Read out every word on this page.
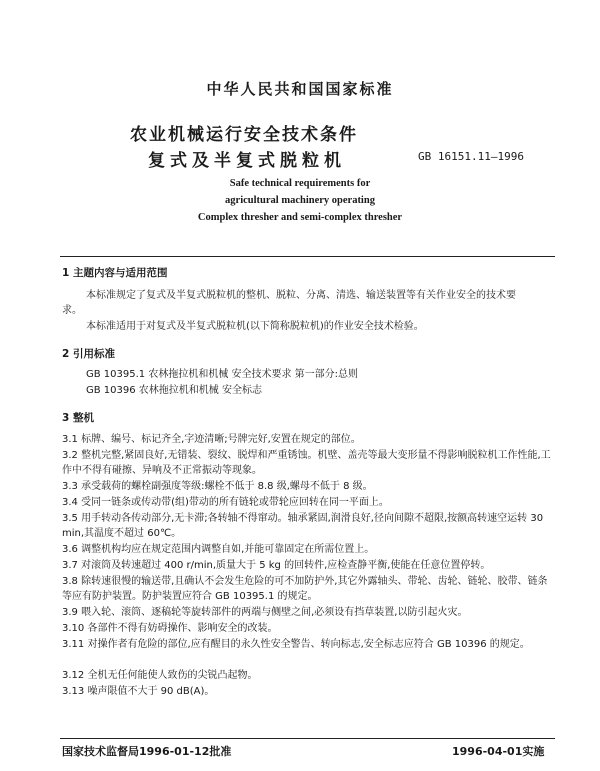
中华人民共和国国家标准
农业机械运行安全技术条件
复式及半复式脱粒机	GB 16151.11—1996
Safe technical requirements for
agricultural machinery operating
Complex thresher and semi-complex thresher
1 主题内容与适用范围
本标准规定了复式及半复式脱粒机的整机、脱粒、分离、清选、输送装置等有关作业安全的技术要
求。
本标准适用于对复式及半复式脱粒机(以下简称脱粒机)的作业安全技术检验。
2 引用标准
GB 10395.1 农林拖拉机和机械 安全技术要求 第一部分:总则
GB 10396 农林拖拉机和机械 安全标志
3 整机
3.1 标牌、编号、标记齐全,字迹清晰;号牌完好,安置在规定的部位。
3.2 整机完整,紧固良好,无错装、裂纹、脱焊和严重锈蚀。机壁、盖壳等最大变形量不得影响脱粒机工作性能,工作中不得有碰擦、异响及不正常振动等现象。
3.3 承受载荷的螺栓副强度等级:螺栓不低于 8.8 级,螺母不低于 8 级。
3.4 受同一链条或传动带(组)带动的所有链轮或带轮应回转在同一平面上。
3.5 用手转动各传动部分,无卡滞;各转轴不得窜动。轴承紧固,润滑良好,径向间隙不超限,按额高转速空运转 30 min,其温度不超过 60℃。
3.6 调整机构均应在规定范围内调整自如,并能可靠固定在所需位置上。
3.7 对滚筒及转速超过 400 r/min,质量大于 5 kg 的回转件,应检查静平衡,使能在任意位置停转。
3.8 除转速很慢的输送带,且确认不会发生危险的可不加防护外,其它外露轴头、带轮、齿轮、链轮、胶带、链条等应有防护装置。防护装置应符合 GB 10395.1 的规定。
3.9 喂入轮、滚筒、逐稿轮等旋转部件的两端与侧壁之间,必须设有挡草装置,以防引起火灾。
3.10 各部件不得有妨碍操作、影响安全的改装。
3.11 对操作者有危险的部位,应有醒目的永久性安全警告、转向标志,安全标志应符合 GB 10396 的规定。
3.12 全机无任何能使人致伤的尖锐凸起物。
3.13 噪声限值不大于 90 dB(A)。
国家技术监督局1996-01-12批准	1996-04-01实施
